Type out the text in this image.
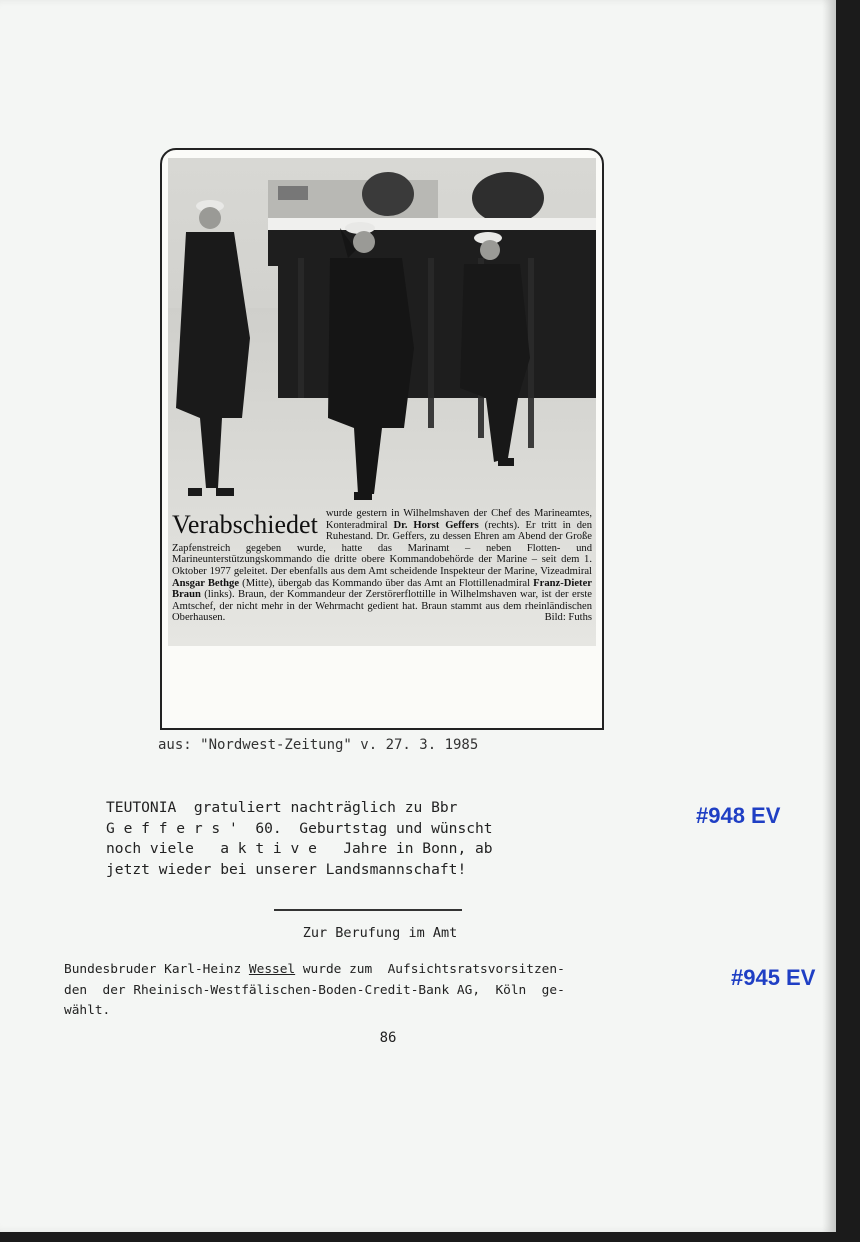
Verabschiedet wurde gestern in Wilhelmshaven der Chef des Marineamtes, Konteradmiral Dr. Horst Geffers (rechts). Er tritt in den Ruhestand. Dr. Geffers, zu dessen Ehren am Abend der Große Zapfenstreich gegeben wurde, hatte das Marinamt – neben Flotten- und Marineunterstützungskommando die dritte obere Kommandobehörde der Marine – seit dem 1. Oktober 1977 geleitet. Der ebenfalls aus dem Amt scheidende Inspekteur der Marine, Vizeadmiral Ansgar Bethge (Mitte), übergab das Kommando über das Amt an Flottillenadmiral Franz-Dieter Braun (links). Braun, der Kommandeur der Zerstörerflottille in Wilhelmshaven war, ist der erste Amtschef, der nicht mehr in der Wehrmacht gedient hat. Braun stammt aus dem rheinländischen Oberhausen.	Bild: Fuths
aus: "Nordwest-Zeitung" v. 27. 3. 1985
TEUTONIA  gratuliert nachträglich zu Bbr
G e f f e r s '  60.  Geburtstag und wünscht
noch viele   a k t i v e   Jahre in Bonn, ab
jetzt wieder bei unserer Landsmannschaft!
#948 EV
Zur Berufung im Amt
Bundesbruder Karl-Heinz Wessel wurde zum  Aufsichtsratsvorsitzen-
den  der Rheinisch-Westfälischen-Boden-Credit-Bank AG,  Köln  ge-
wählt.
#945 EV
86
